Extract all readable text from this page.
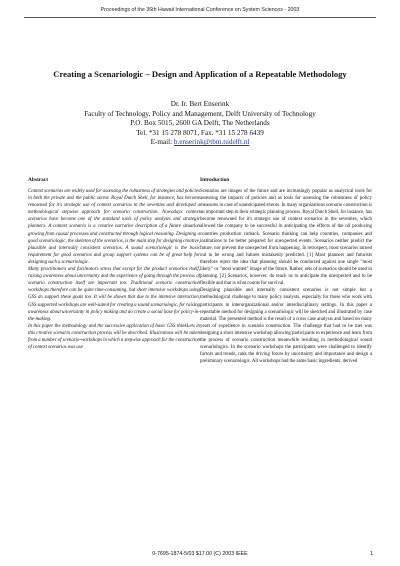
Proceedings of the 36th Hawaii International Conference on System Sciences - 2003
Creating a Scenariologic – Design and Application of a Repeatable Methodology
Dr. Ir. Bert Enserink
Faculty of Technology, Policy and Management, Delft University of Technology
P.O. Box 5015, 2600 GA Delft, The Netherlands
Tel. *31 15 278 8071, Fax. *31 15 278 6439
E-mail: b.enserink@tbm.tudelft.nl
Abstract

Context scenarios are widely used for assessing the robustness of strategies and policies in both the private and the public sector. Royal Dutch Shell, for instance, has become renowned for it's strategic use of context scenarios in the seventies and developed a methodological stepwise approach for scenario construction. Nowadays context scenarios have become one of the standard tools of policy analysts and strategic planners. A context scenario is a creative narrative description of a future situation growing from causal processes and constructed through logical reasoning. Designing a good scenariologic, the skeleton of the scenarios, is the main step for designing creative, plausible and internally consistent scenarios. A sound scenariologic is the basic requirement for good scenarios and group support systems can be of great help for designing such a scenariologic.

Many practitioners and facilitators stress that except for the product scenarios itself, raising awareness about uncertainty and the experience of going through the process of scenario construction itself are important too. Traditional scenario construction workshops therefore can be quite time-consuming, but short intensive workshops using GSS do support these goals too. It will be shown that due to the intensive interaction, GSS supported workshops are well-suited for creating a sound scenariologic, for raising awareness about uncertainty in policy making and do create a social base for policy-in-the-making.

In this paper the methodology and the successive application of basic GSS thinkLets in this creative scenario construction process will be described. Illustrations will be taken from a number of scenario-workshops in which a stepwise approach for the construction of context scenarios was use

Introduction

Scenarios are images of the future and are increasingly popular as analytical tools for assessing the impacts of policies and as tools for assessing the robustness of policy measures in case of unanticipated events. In many organizations scenario construction is an important step in their strategic planning process. Royal Dutch Shell, for instance, has become renowned for it's strategic use of context scenarios in the seventies, which allowed the company to be successful in anticipating the effects of the oil producing countries production cutback. Scenario thinking can help countries, companies and institutions to be better prepared for unexpected events. Scenarios neither predict the future, nor prevent the unexpected from happening. In retrospect, most scenarios turned out to be wrong and futures mistakenly predicted. [1] Most planners and futurists therefore reject the idea that planning should be conducted against one single "most likely" or "most wanted" image of the future. Rather, sets of scenarios should be used in planning. [2] Scenarios, however, do teach us to anticipate the unexpected and to be flexible and that is what counts for survival.

Designing plausible and internally consistent scenarios is not simple but a methodological challenge to many policy analysts, especially for those who work with participants in interorganizational and/or interdisciplinary settings. In this paper a repeatable method for designing a scenariologic will be sketched and illustrated by case material. The presented method is the result of a cross case analysis and based on many years of experience in scenario construction. The challenge that had to be met was designing a short intensive workshop allowing participants to experience and learn from the process of scenario construction meanwhile resulting in methodological sound scenariologics. In the scenario workshops the participants were challenged to identify factors and trends, rank the driving forces by uncertainty and importance and design a preliminary scenariologic. All workshops had the same basic ingredients, derived

0-7695-1874-5/03 $17.00 (C) 2003 IEEE	1
